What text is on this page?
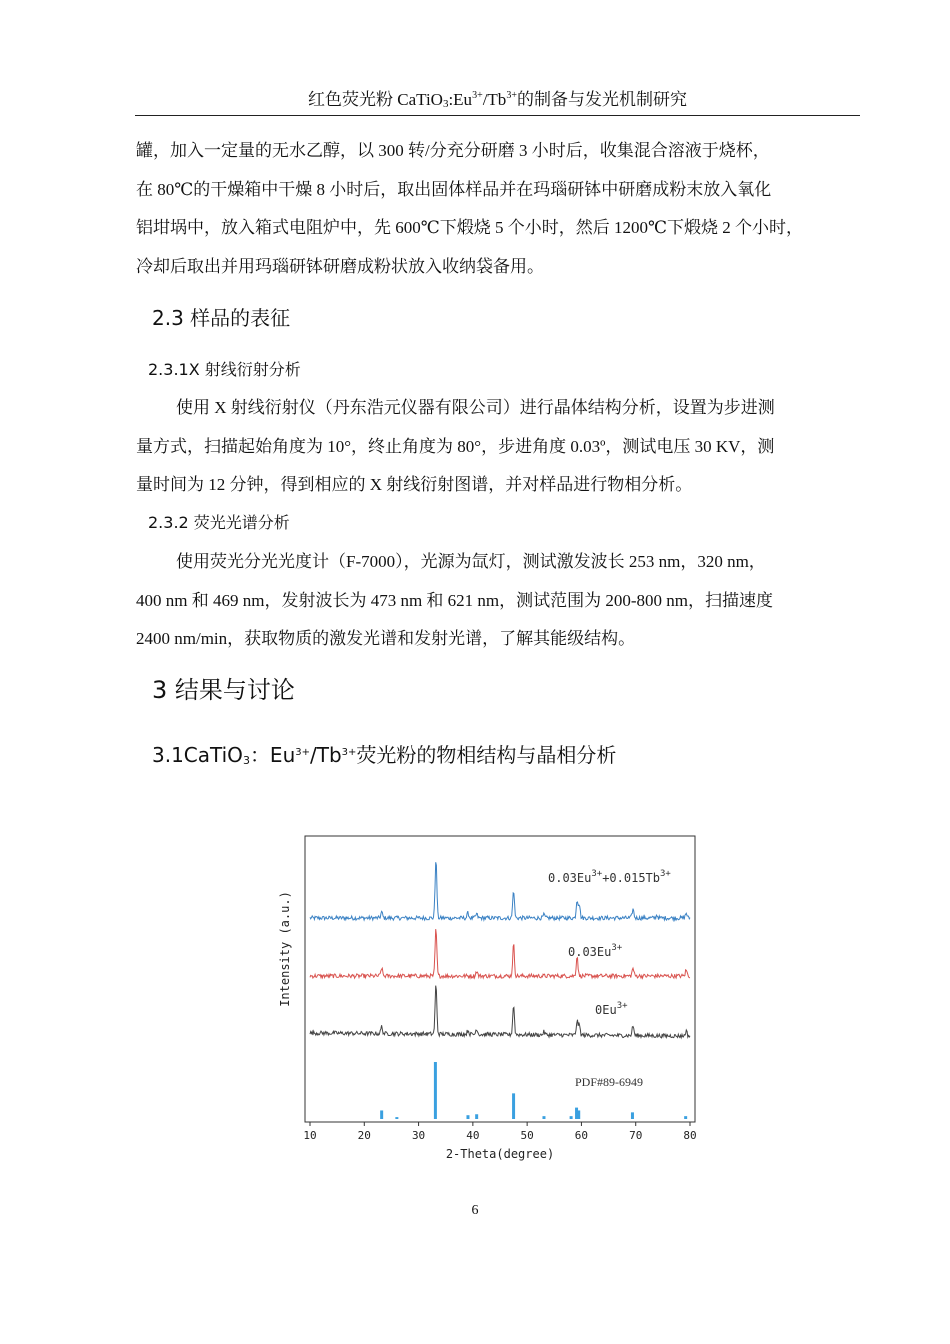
红色荧光粉 $CaTiO_3:Eu^{3+}/Tb^{3+}$的制备与发光机制研究
罐，加入一定量的无水乙醇，以 300 转/分充分研磨 3 小时后，收集混合溶液于烧杯，
在 80℃的干燥箱中干燥 8 小时后，取出固体样品并在玛瑙研钵中研磨成粉末放入氧化
铝坩埚中，放入箱式电阻炉中，先 600℃下煅烧 5 个小时，然后 1200℃下煅烧 2 个小时，
冷却后取出并用玛瑙研钵研磨成粉状放入收纳袋备用。
2.3 样品的表征
2.3.1X 射线衍射分析
使用 X 射线衍射仪（丹东浩元仪器有限公司）进行晶体结构分析，设置为步进测
量方式，扫描起始角度为 10°，终止角度为 80°，步进角度 0.03º，测试电压 30 KV，测
量时间为 12 分钟，得到相应的 X 射线衍射图谱，并对样品进行物相分析。
2.3.2 荧光光谱分析
使用荧光分光光度计（F-7000），光源为氙灯，测试激发波长 253 nm，320 nm，
400 nm 和 469 nm，发射波长为 473 nm 和 621 nm，测试范围为 200-800 nm，扫描速度
2400 nm/min，获取物质的激发光谱和发射光谱，了解其能级结构。
3 结果与讨论
3.1CaTiO$_3$：$Eu^{3+}/Tb^{3+}$荧光粉的物相结构与晶相分析
10	20	30	40	50	60	70	80
2-Theta(degree)
Intensity (a.u.)
$0.03Eu^{3+}+0.015Tb^{3+}$
$0.03Eu^{3+}$
$0Eu^{3+}$
PDF#89-6949
6
